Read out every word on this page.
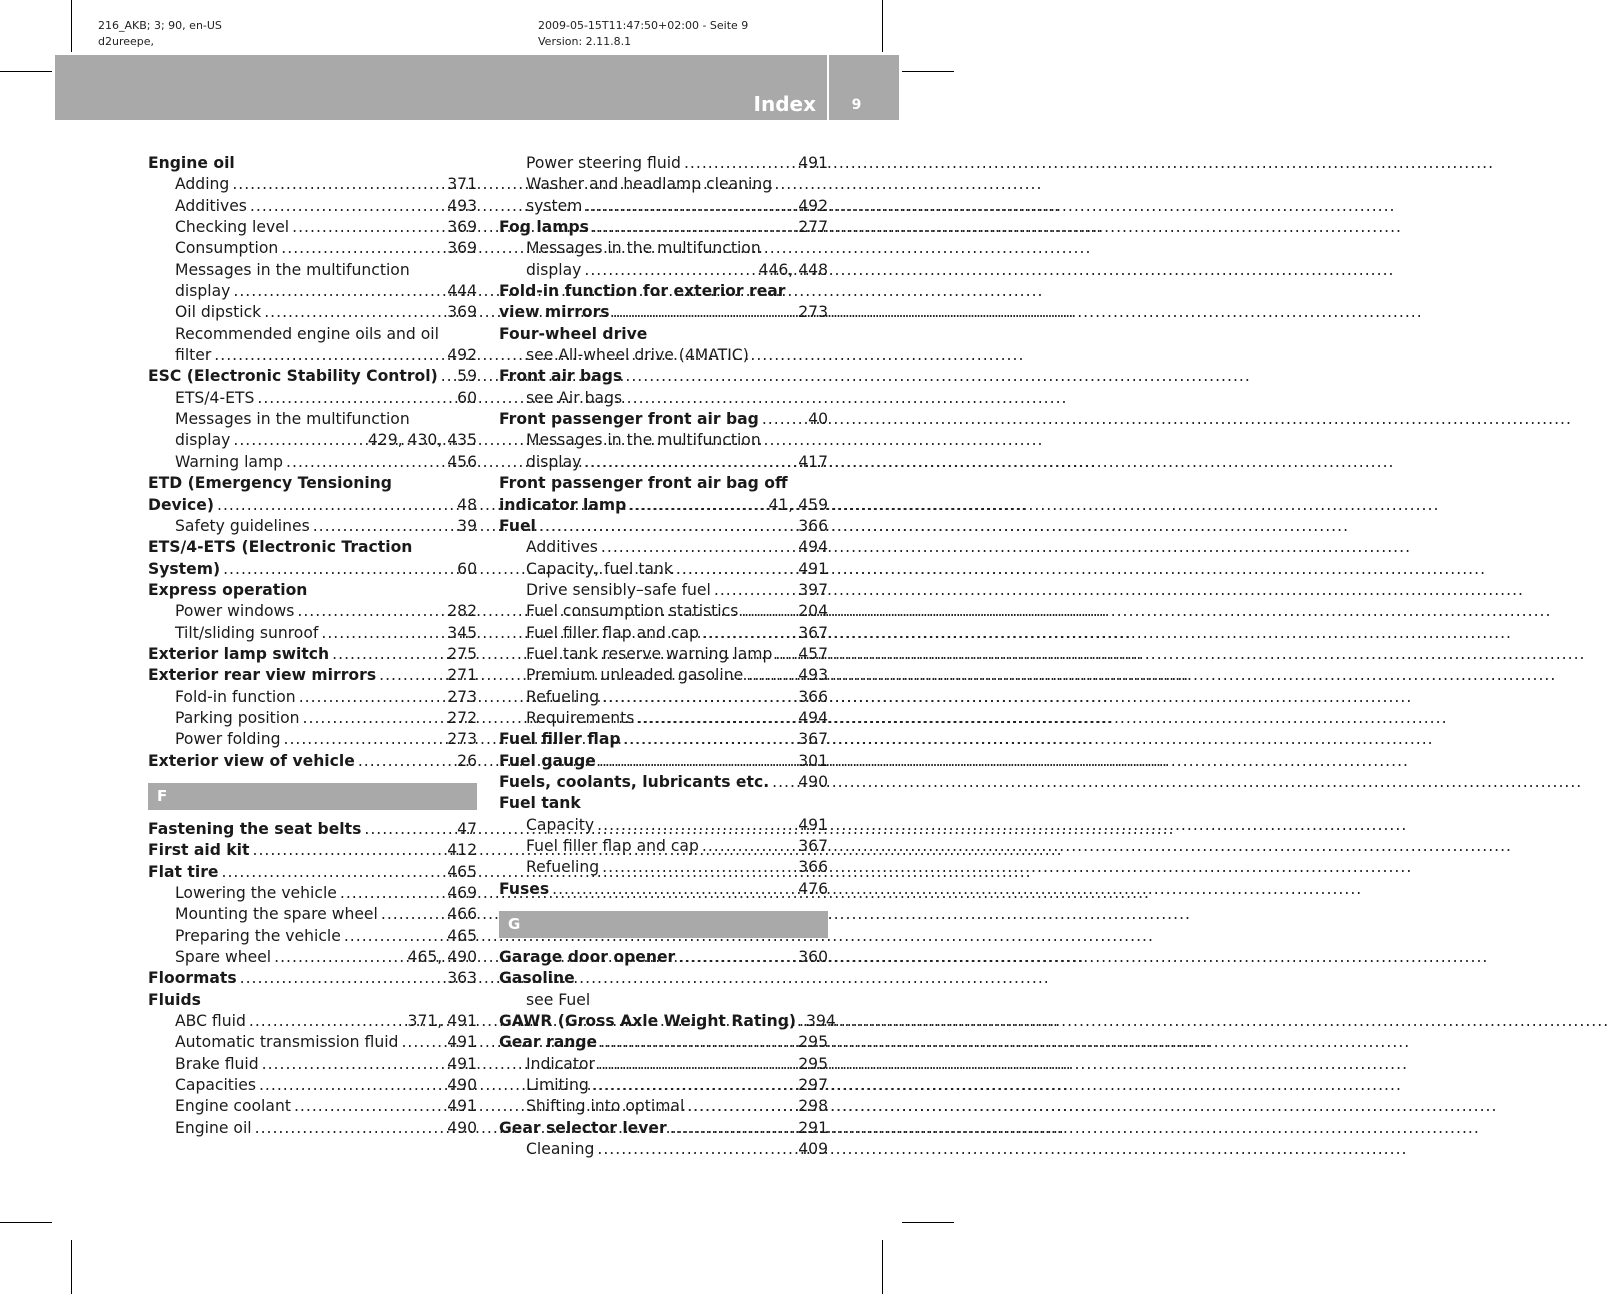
216_AKB; 3; 90, en-US
d2ureepe,
2009-05-15T11:47:50+02:00 - Seite 9
Version: 2.11.8.1
Index	9
Engine oil
Adding .....	371
Additives .....	493
Checking level .....	369
Consumption .....	369
Messages in the multifunction
display .....	444
Oil dipstick .....	369
Recommended engine oils and oil
filter .....	492
ESC (Electronic Stability Control) ..... 59
ETS/4-ETS .....	60
Messages in the multifunction
display .....	429, 430, 435
Warning lamp .....	456
ETD (Emergency Tensioning
Device) .....	48
Safety guidelines .....	39
ETS/4-ETS (Electronic Traction
System) .....	60
Express operation
Power windows .....	282
Tilt/sliding sunroof .....	345
Exterior lamp switch .....	275
Exterior rear view mirrors .....	271
Fold-in function .....	273
Parking position .....	272
Power folding .....	273
Exterior view of vehicle .....	26
F
Fastening the seat belts .....	47
First aid kit .....	412
Flat tire .....	465
Lowering the vehicle .....	469
Mounting the spare wheel .....	466
Preparing the vehicle .....	465
Spare wheel .....	465, 490
Floormats .....	363
Fluids
ABC fluid .....	371, 491
Automatic transmission fluid .....	491
Brake fluid .....	491
Capacities .....	490
Engine coolant .....	491
Engine oil .....	490
Power steering fluid .....	491
Washer and headlamp cleaning
system .....	492
Fog lamps .....	277
Messages in the multifunction
display .....	446, 448
Fold-in function for exterior rear
view mirrors .....	273
Four-wheel drive
see All-wheel drive (4MATIC)
Front air bags
see Air bags
Front passenger front air bag .....	40
Messages in the multifunction
display .....	417
Front passenger front air bag off
indicator lamp .....	41, 459
Fuel .....	366
Additives .....	494
Capacity, fuel tank .....	491
Drive sensibly–safe fuel .....	397
Fuel consumption statistics .....	204
Fuel filler flap and cap .....	367
Fuel tank reserve warning lamp ..... 457
Premium unleaded gasoline .....	493
Refueling .....	366
Requirements .....	494
Fuel filler flap .....	367
Fuel gauge .....	301
Fuels, coolants, lubricants etc. ..... 490
Fuel tank
Capacity .....	491
Fuel filler flap and cap .....	367
Refueling .....	366
Fuses .....	476
G
Garage door opener .....	360
Gasoline
see Fuel
GAWR (Gross Axle Weight Rating) ..... 394
Gear range .....	295
Indicator .....	295
Limiting .....	297
Shifting into optimal .....	298
Gear selector lever .....	291
Cleaning .....	409
